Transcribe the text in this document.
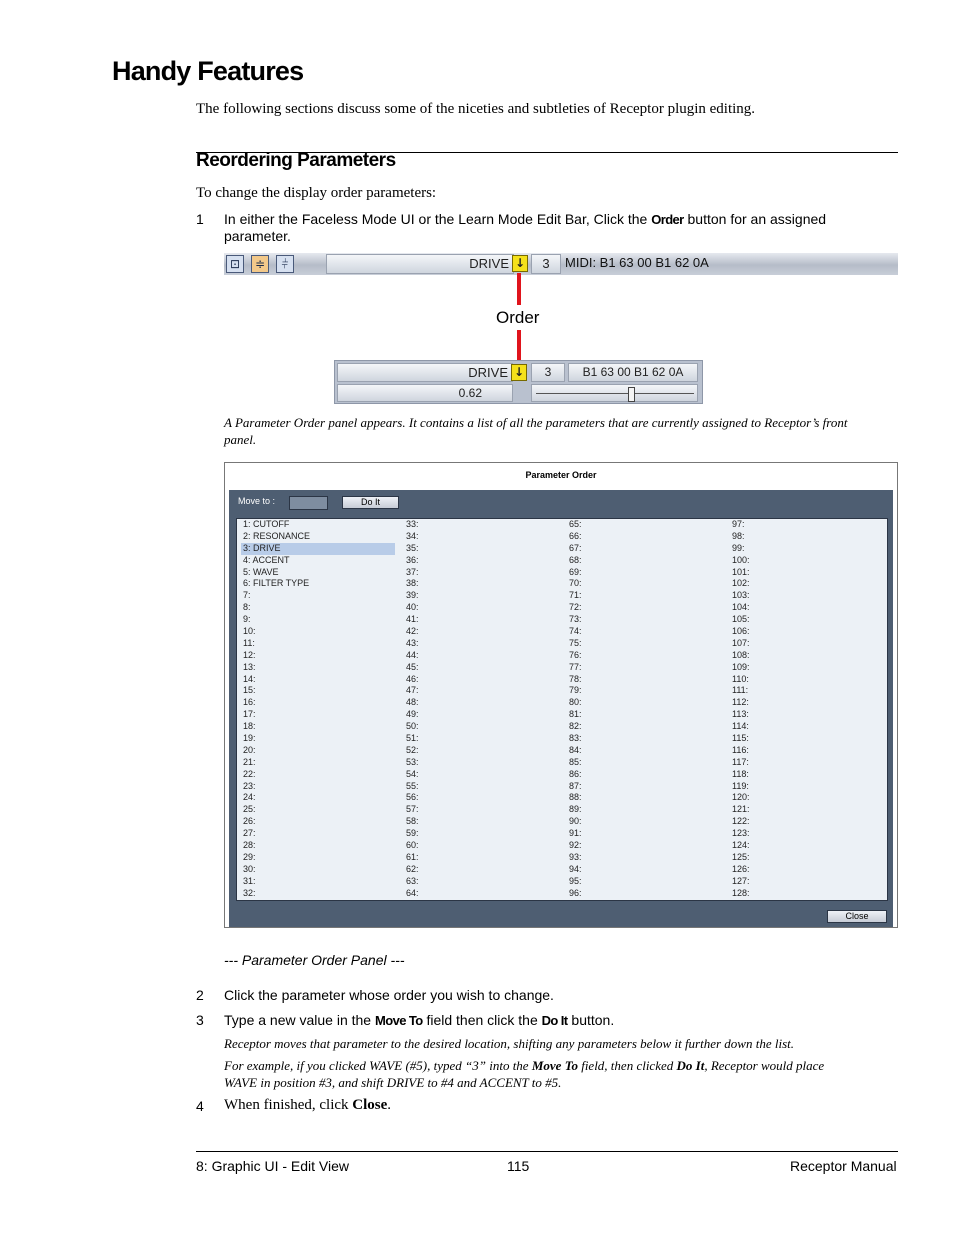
Handy Features
The following sections discuss some of the niceties and subtleties of Receptor plugin editing.
Reordering Parameters
To change the display order parameters:
1 In either the Faceless Mode UI or the Learn Mode Edit Bar, Click the Order button for an assigned
parameter.
⊡	≑	⫩	DRIVE ↓	3	MIDI: B1 63 00 B1 62 0A
Order
DRIVE ↓	3	B1 63 00 B1 62 0A
0.62
A Parameter Order panel appears. It contains a list of all the parameters that are currently assigned to Receptor’s front
panel.
Parameter Order
Move to :	Do It
1: CUTOFF
2: RESONANCE
3: DRIVE
4: ACCENT
5: WAVE
6: FILTER TYPE
7:
8:
9:
10:
11:
12:
13:
14:
15:
16:
17:
18:
19:
20:
21:
22:
23:
24:
25:
26:
27:
28:
29:
30:
31:
32:
33:
34:
35:
36:
37:
38:
39:
40:
41:
42:
43:
44:
45:
46:
47:
48:
49:
50:
51:
52:
53:
54:
55:
56:
57:
58:
59:
60:
61:
62:
63:
64:
65:
66:
67:
68:
69:
70:
71:
72:
73:
74:
75:
76:
77:
78:
79:
80:
81:
82:
83:
84:
85:
86:
87:
88:
89:
90:
91:
92:
93:
94:
95:
96:
97:
98:
99:
100:
101:
102:
103:
104:
105:
106:
107:
108:
109:
110:
111:
112:
113:
114:
115:
116:
117:
118:
119:
120:
121:
122:
123:
124:
125:
126:
127:
128:
Close
--- Parameter Order Panel ---
2 Click the parameter whose order you wish to change.
3 Type a new value in the Move To field then click the Do It button.
Receptor moves that parameter to the desired location, shifting any parameters below it further down the list.
For example, if you clicked WAVE (#5), typed “3” into the Move To field, then clicked Do It, Receptor would place
WAVE in position #3, and shift DRIVE to #4 and ACCENT to #5.
4 When finished, click Close.
8: Graphic UI - Edit View	115	Receptor Manual
